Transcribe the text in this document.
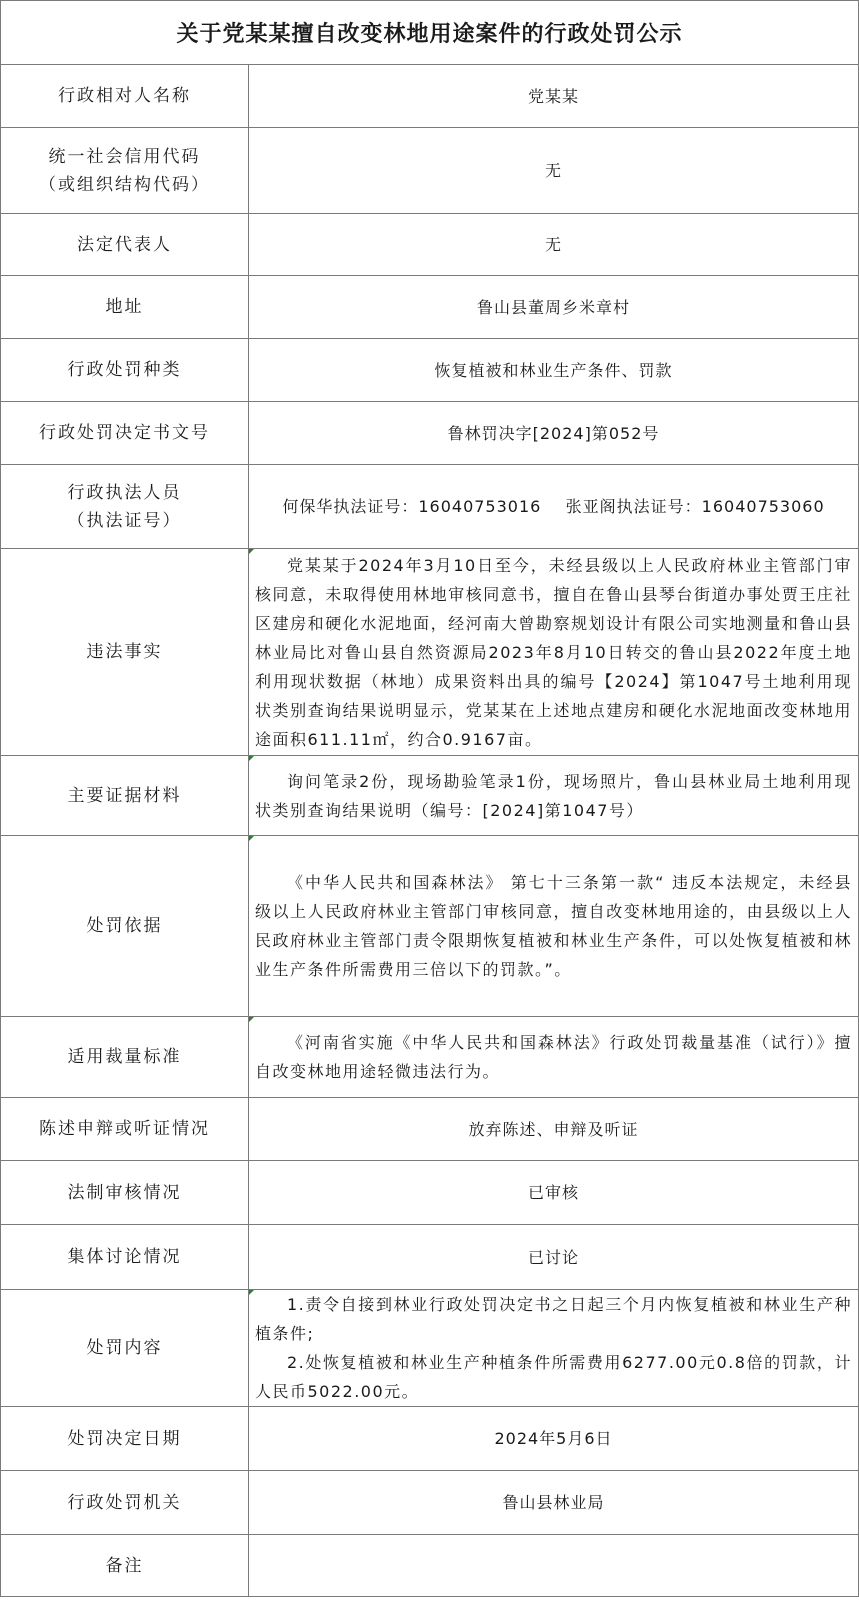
关于党某某擅自改变林地用途案件的行政处罚公示
行政相对人名称	党某某

统一社会信用代码
（或组织结构代码）	无
法定代表人	无
地址	鲁山县董周乡米章村
行政处罚种类	恢复植被和林业生产条件、罚款
行政处罚决定书文号	鲁林罚决字[2024]第052号

行政执法人员
（执法证号）	何保华执法证号：16040753016    张亚阁执法证号：16040753060
违法事实	党某某于2024年3月10日至今，未经县级以上人民政府林业主管部门审核同意，未取得使用林地审核同意书，擅自在鲁山县琴台街道办事处贾王庄社区建房和硬化水泥地面，经河南大曾勘察规划设计有限公司实地测量和鲁山县林业局比对鲁山县自然资源局2023年8月10日转交的鲁山县2022年度土地利用现状数据（林地）成果资料出具的编号【2024】第1047号土地利用现状类别查询结果说明显示，党某某在上述地点建房和硬化水泥地面改变林地用途面积611.11㎡，约合0.9167亩。

主要证据材料	询问笔录2份，现场勘验笔录1份，现场照片，鲁山县林业局土地利用现状类别查询结果说明（编号：[2024]第1047号）

处罚依据	《中华人民共和国森林法》 第七十三条第一款“ 违反本法规定，未经县级以上人民政府林业主管部门审核同意，擅自改变林地用途的，由县级以上人民政府林业主管部门责令限期恢复植被和林业生产条件，可以处恢复植被和林业生产条件所需费用三倍以下的罚款。”。

适用裁量标准	《河南省实施《中华人民共和国森林法》行政处罚裁量基准（试行）》擅自改变林地用途轻微违法行为。

陈述申辩或听证情况	放弃陈述、申辩及听证
法制审核情况	已审核
集体讨论情况	已讨论
处罚内容	1.责令自接到林业行政处罚决定书之日起三个月内恢复植被和林业生产种植条件;
2.处恢复植被和林业生产种植条件所需费用6277.00元0.8倍的罚款，计人民币5022.00元。

处罚决定日期	2024年5月6日
行政处罚机关	鲁山县林业局
备注	
